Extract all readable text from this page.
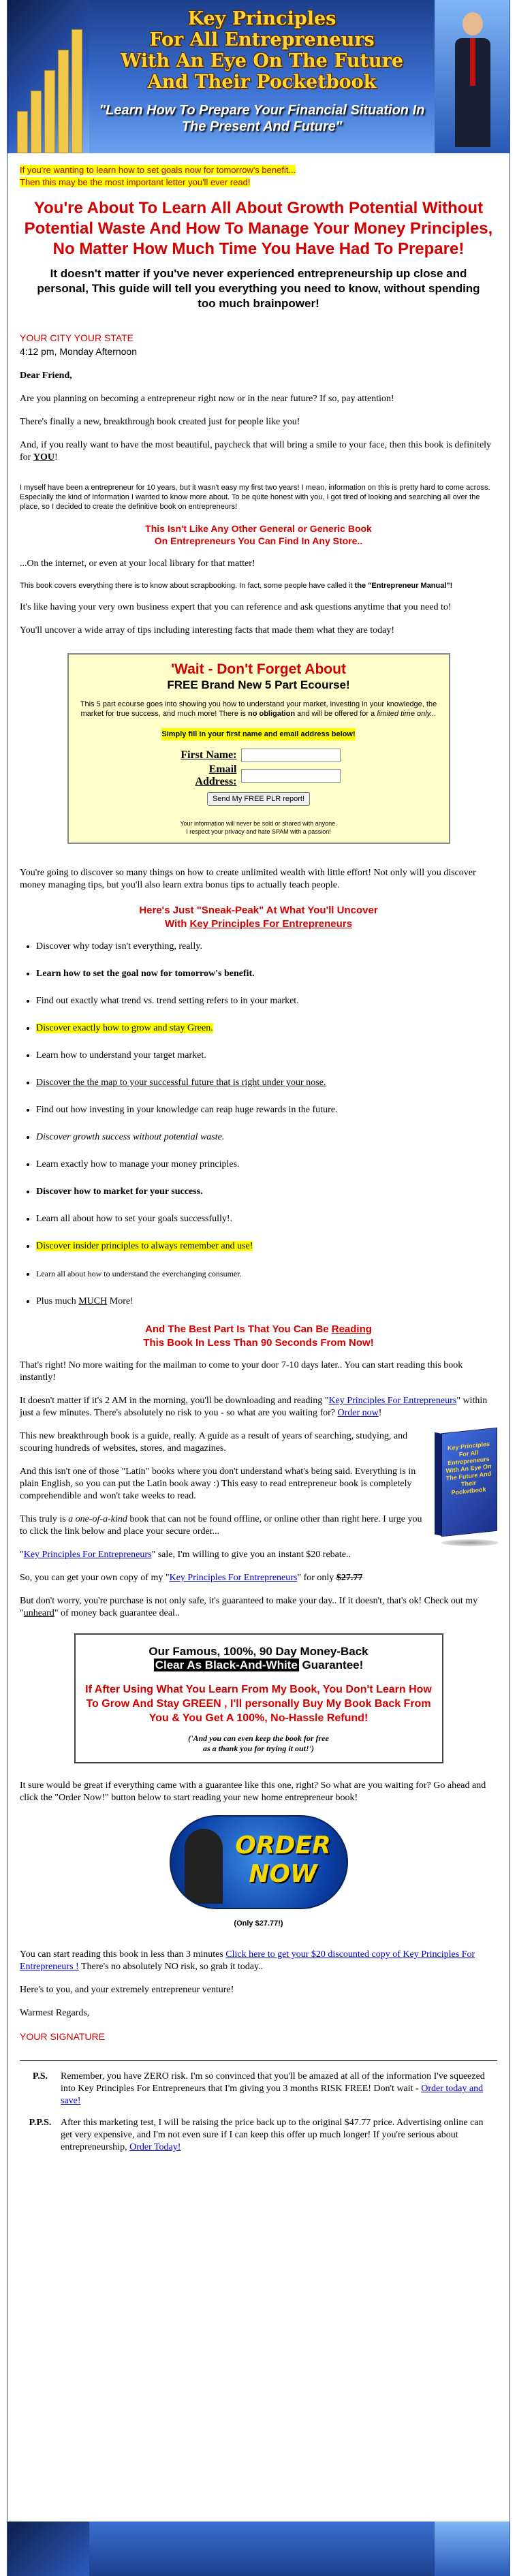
Key Principles
For All Entrepreneurs
With An Eye On The Future
And Their Pocketbook
"Learn How To Prepare Your Financial Situation In The Present And Future"
If you're wanting to learn how to set goals now for tomorrow's benefit...
Then this may be the most important letter you'll ever read!
You're About To Learn All About Growth Potential Without Potential Waste And How To Manage Your Money Principles, No Matter How Much Time You Have Had To Prepare!
It doesn't matter if you've never experienced entrepreneurship up close and personal, This guide will tell you everything you need to know, without spending too much brainpower!

YOUR CITY YOUR STATE

4:12 pm, Monday Afternoon

Dear Friend,

Are you planning on becoming a entrepreneur right now or in the near future? If so, pay attention!

There's finally a new, breakthrough book created just for people like you!

And, if you really want to have the most beautiful, paycheck that will bring a smile to your face, then this book is definitely for YOU!

I myself have been a entrepreneur for 10 years, but it wasn't easy my first two years! I mean, information on this is pretty hard to come across. Especially the kind of information I wanted to know more about. To be quite honest with you, I got tired of looking and searching all over the place, so I decided to create the definitive book on entrepreneurs!

This Isn't Like Any Other General or Generic Book
On Entrepreneurs You Can Find In Any Store..

...On the internet, or even at your local library for that matter!

This book covers everything there is to know about scrapbooking. In fact, some people have called it the "Entrepreneur Manual"!

It's like having your very own business expert that you can reference and ask questions anytime that you need to!

You'll uncover a wide array of tips including interesting facts that made them what they are today!

'Wait - Don't Forget About
FREE Brand New 5 Part Ecourse!

This 5 part ecourse goes into showing you how to understand your market, investing in your knowledge, the market for true success, and much more! There is no obligation and will be offered for a limited time only...

Simply fill in your first name and email address below!
First Name:
Email Address:
Send My FREE PLR report!

Your information will never be sold or shared with anyone.
I respect your privacy and hate SPAM with a passion!

You're going to discover so many things on how to create unlimited wealth with little effort! Not only will you discover money managing tips, but you'll also learn extra bonus tips to actually teach people.

Here's Just "Sneak-Peak" At What You'll Uncover
With Key Principles For Entrepreneurs
• Discover why today isn't everything, really.
• Learn how to set the goal now for tomorrow's benefit.
• Find out exactly what trend vs. trend setting refers to in your market.
• Discover exactly how to grow and stay Green.
• Learn how to understand your target market.
• Discover the the map to your successful future that is right under your nose.
• Find out how investing in your knowledge can reap huge rewards in the future.
• Discover growth success without potential waste.
• Learn exactly how to manage your money principles.
• Discover how to market for your success.
• Learn all about how to set your goals successfully!.
• Discover insider principles to always remember and use!
• Learn all about how to understand the everchanging consumer.
• Plus much MUCH More!
And The Best Part Is That You Can Be Reading
This Book In Less Than 90 Seconds From Now!

That's right! No more waiting for the mailman to come to your door 7-10 days later.. You can start reading this book instantly!

It doesn't matter if it's 2 AM in the morning, you'll be downloading and reading "Key Principles For Entrepreneurs" within just a few minutes. There's absolutely no risk to you - so what are you waiting for? Order now!

Key Principles For All Entrepreneurs With An Eye On The Future And Their Pocketbook

This new breakthrough book is a guide, really. A guide as a result of years of searching, studying, and scouring hundreds of websites, stores, and magazines.

And this isn't one of those "Latin" books where you don't understand what's being said. Everything is in plain English, so you can put the Latin book away :) This easy to read entrepreneur book is completely comprehendible and won't take weeks to read.

This truly is a one-of-a-kind book that can not be found offline, or online other than right here. I urge you to click the link below and place your secure order...

"Key Principles For Entrepreneurs" sale, I'm willing to give you an instant $20 rebate..

So, you can get your own copy of my "Key Principles For Entrepreneurs" for only $27.77

But don't worry, you're purchase is not only safe, it's guaranteed to make your day.. If it doesn't, that's ok! Check out my "unheard" of money back guarantee deal..

Our Famous, 100%, 90 Day Money-Back

Clear As Black-And-White Guarantee!

If After Using What You Learn From My Book, You Don't Learn How To Grow And Stay GREEN , I'll personally Buy My Book Back From You & You Get A 100%, No-Hassle Refund!

('And you can even keep the book for free
as a thank you for trying it out!')

It sure would be great if everything came with a guarantee like this one, right? So what are you waiting for? Go ahead and click the "Order Now!" button below to start reading your new home entrepreneur book!

ORDER
NOW
(Only $27.77!)

You can start reading this book in less than 3 minutes Click here to get your $20 discounted copy of Key Principles For Entrepreneurs ! There's no absolutely NO risk, so grab it today..

Here's to you, and your extremely entrepreneur venture!

Warmest Regards,

YOUR SIGNATURE

P.S.	Remember, you have ZERO risk. I'm so convinced that you'll be amazed at all of the information I've squeezed into Key Principles For Entrepreneurs that I'm giving you 3 months RISK FREE! Don't wait - Order today and save!
P.P.S.	After this marketing test, I will be raising the price back up to the original $47.77 price. Advertising online can get very expensive, and I'm not even sure if I can keep this offer up much longer! If you're serious about entrepreneurship, Order Today!
